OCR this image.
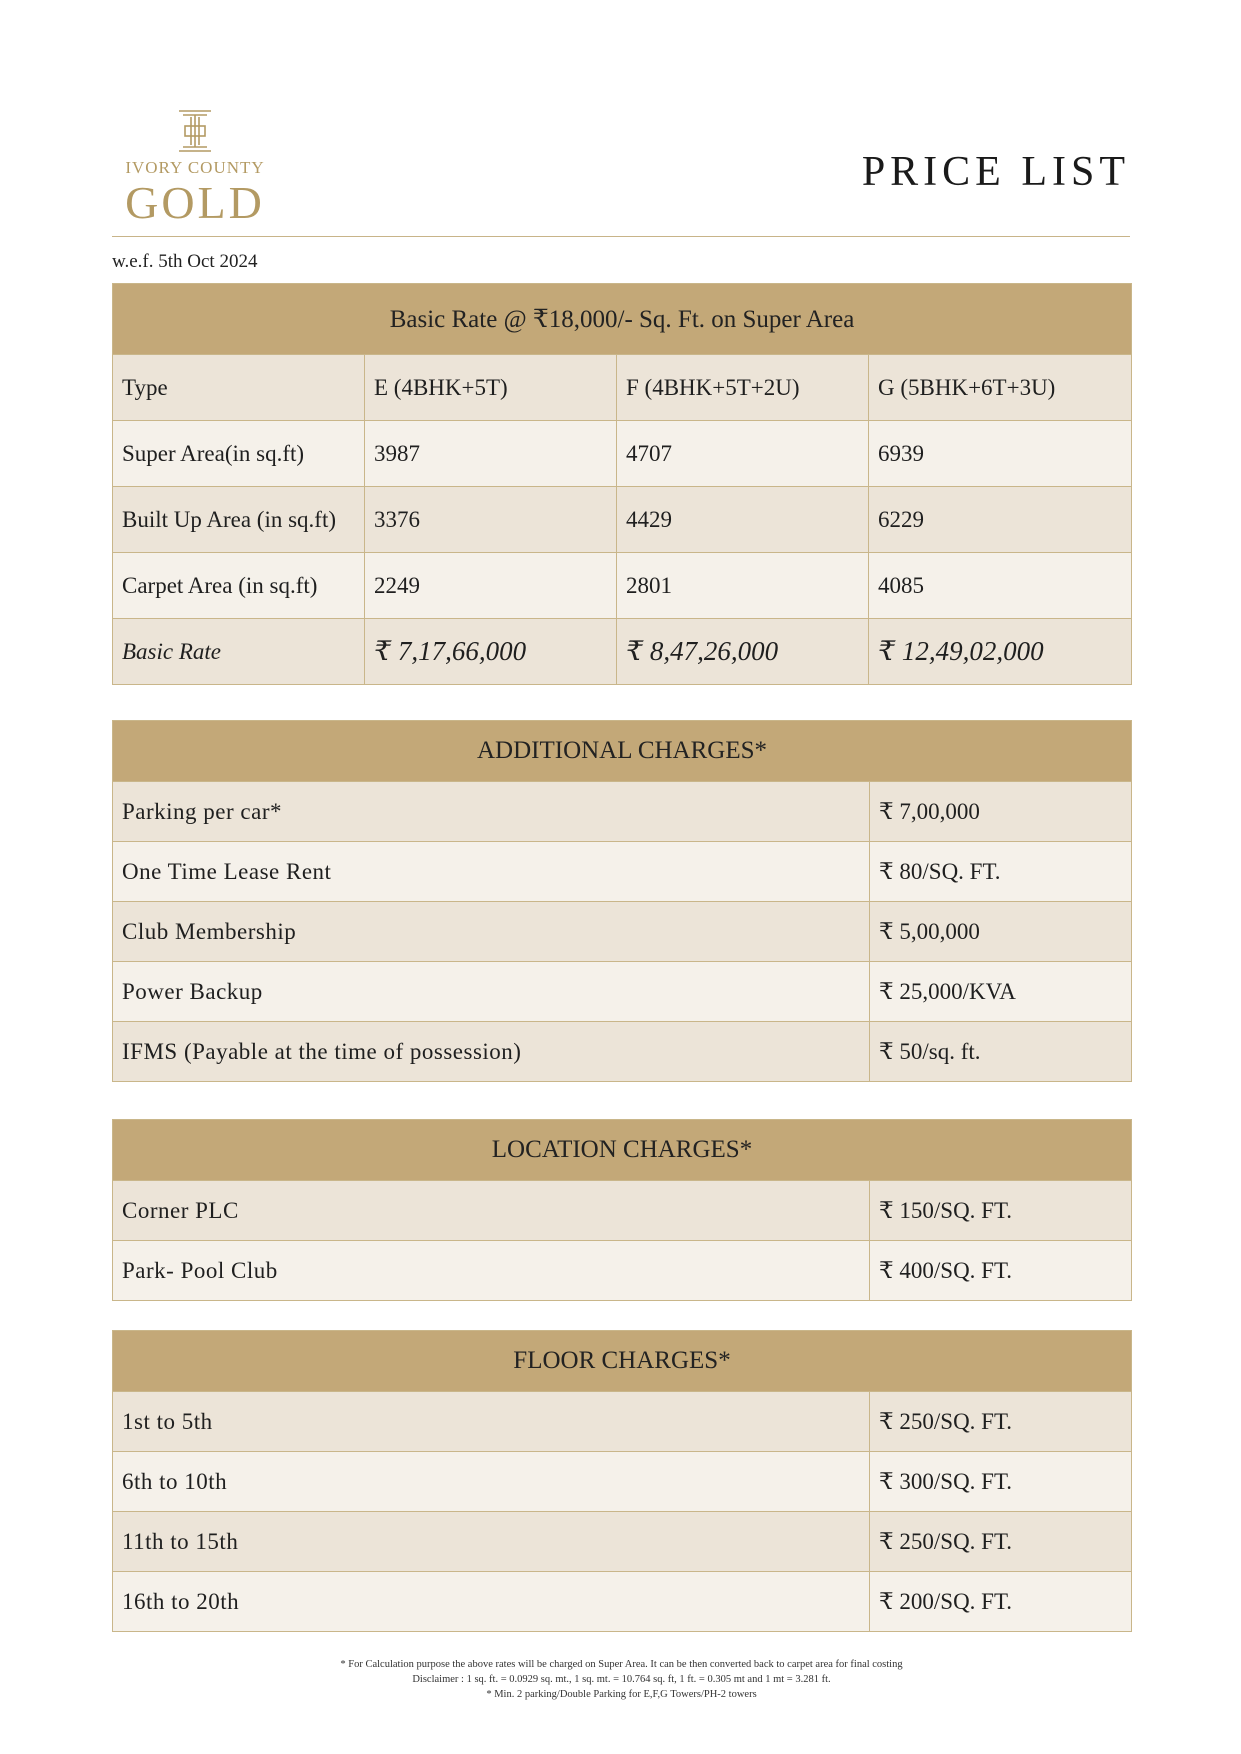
IVORY COUNTY
GOLD
PRICE LIST
w.e.f. 5th Oct 2024
Basic Rate @ ₹18,000/- Sq. Ft. on Super Area			
Type	E (4BHK+5T)	F (4BHK+5T+2U)	G (5BHK+6T+3U)
Super Area(in sq.ft)	3987	4707	6939
Built Up Area (in sq.ft)	3376	4429	6229
Carpet Area (in sq.ft)	2249	2801	4085
Basic Rate	₹ 7,17,66,000	₹ 8,47,26,000	₹ 12,49,02,000
ADDITIONAL CHARGES*	
Parking per car*	₹ 7,00,000
One Time Lease Rent	₹ 80/SQ. FT.
Club Membership	₹ 5,00,000
Power Backup	₹ 25,000/KVA
IFMS (Payable at the time of possession)	₹ 50/sq. ft.
LOCATION CHARGES*	
Corner PLC	₹ 150/SQ. FT.
Park- Pool Club	₹ 400/SQ. FT.
FLOOR CHARGES*	
1st to 5th	₹ 250/SQ. FT.
6th to 10th	₹ 300/SQ. FT.
11th to 15th	₹ 250/SQ. FT.
16th to 20th	₹ 200/SQ. FT.
* For Calculation purpose the above rates will be charged on Super Area. It can be then converted back to carpet area for final costing
Disclaimer : 1 sq. ft. = 0.0929 sq. mt., 1 sq. mt. = 10.764 sq. ft, 1 ft. = 0.305 mt and 1 mt = 3.281 ft.
* Min. 2 parking/Double Parking for E,F,G Towers/PH-2 towers
